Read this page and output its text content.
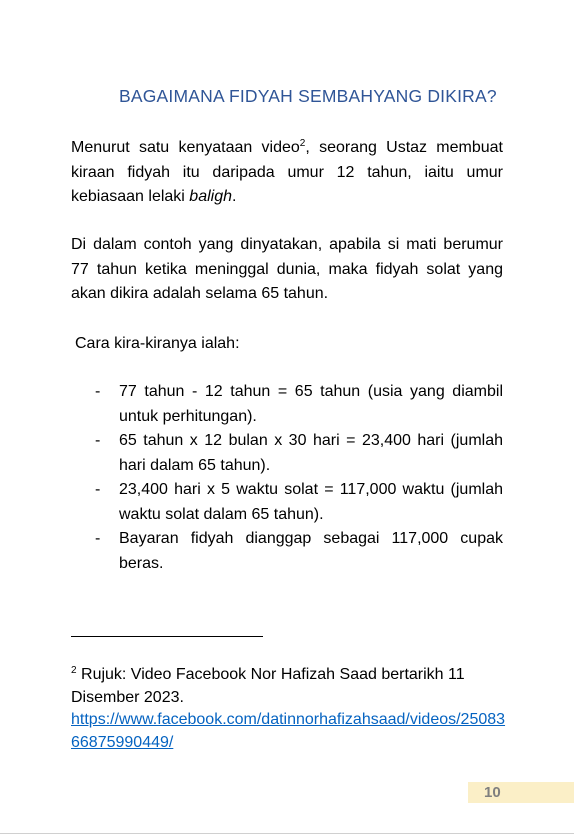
BAGAIMANA FIDYAH SEMBAHYANG DIKIRA?
Menurut satu kenyataan video$^2$, seorang Ustaz membuat kiraan fidyah itu daripada umur 12 tahun, iaitu umur kebiasaan lelaki baligh.
Di dalam contoh yang dinyatakan, apabila si mati berumur 77 tahun ketika meninggal dunia, maka fidyah solat yang akan dikira adalah selama 65 tahun.
Cara kira-kiranya ialah:
- 77 tahun - 12 tahun = 65 tahun (usia yang diambil untuk perhitungan).
- 65 tahun x 12 bulan x 30 hari = 23,400 hari (jumlah hari dalam 65 tahun).
- 23,400 hari x 5 waktu solat = 117,000 waktu (jumlah waktu solat dalam 65 tahun).
- Bayaran fidyah dianggap sebagai 117,000 cupak beras.
$^2$ Rujuk: Video Facebook Nor Hafizah Saad bertarikh 11 Disember 2023.
https://www.facebook.com/datinnorhafizahsaad/videos/2508366875990449/
10
